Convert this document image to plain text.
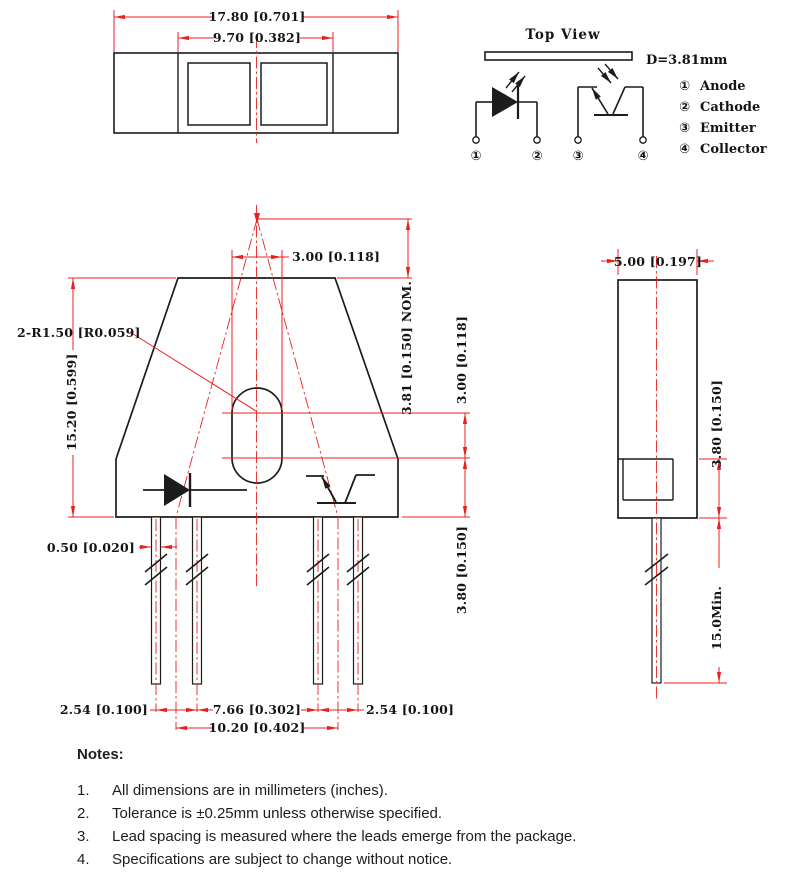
17.80 [0.701]
9.70 [0.382]	Top View
①	② ③	④
D=3.81mm
① Anode
② Cathode
③ Emitter
④ Collector
3.00 [0.118]
2-R1.50 [R0.059]
15.20 [0.599]	3.81 [0.150] NOM.	3.00 [0.118]
3.80 [0.150]
0.50 [0.020]
2.54 [0.100]	7.66 [0.302]	2.54 [0.100]
10.20 [0.402]
5.00 [0.197]
3.80 [0.150]
15.0Min.

Notes:

1.	All dimensions are in millimeters (inches).
2.	Tolerance is ±0.25mm unless otherwise specified.
3.	Lead spacing is measured where the leads emerge from the package.
4.	Specifications are subject to change without notice.
